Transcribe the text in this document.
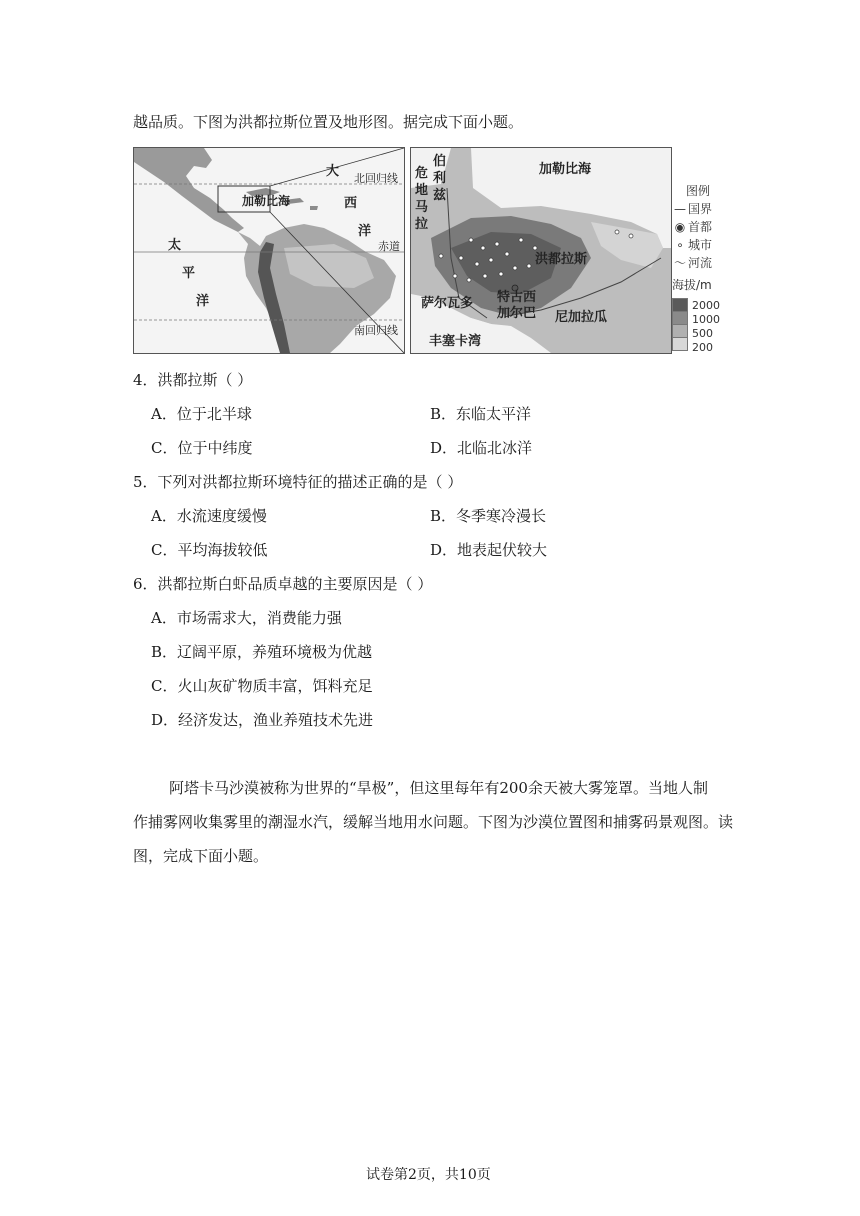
越品质。下图为洪都拉斯位置及地形图。据完成下面小题。
加勒比海
大
西
洋
太
平
洋
北回归线
赤道
南回归线
伯
利
兹
危
地
马
拉
加勒比海
洪都拉斯
萨尔瓦多 特古西
加尔巴 尼加拉瓜
丰塞卡湾
图例
— 国界
◉ 首都
∘ 城市
～ 河流
海拔/m
2000
1000
500
200
4．洪都拉斯（ ）
A．位于北半球	B．东临太平洋
C．位于中纬度	D．北临北冰洋
5．下列对洪都拉斯环境特征的描述正确的是（ ）
A．水流速度缓慢	B．冬季寒冷漫长
C．平均海拔较低	D．地表起伏较大
6．洪都拉斯白虾品质卓越的主要原因是（ ）
A．市场需求大，消费能力强
B．辽阔平原，养殖环境极为优越
C．火山灰矿物质丰富，饵料充足
D．经济发达，渔业养殖技术先进
阿塔卡马沙漠被称为世界的“旱极”，但这里每年有200余天被大雾笼罩。当地人制
作捕雾网收集雾里的潮湿水汽，缓解当地用水问题。下图为沙漠位置图和捕雾码景观图。读
图，完成下面小题。
试卷第2页，共10页
